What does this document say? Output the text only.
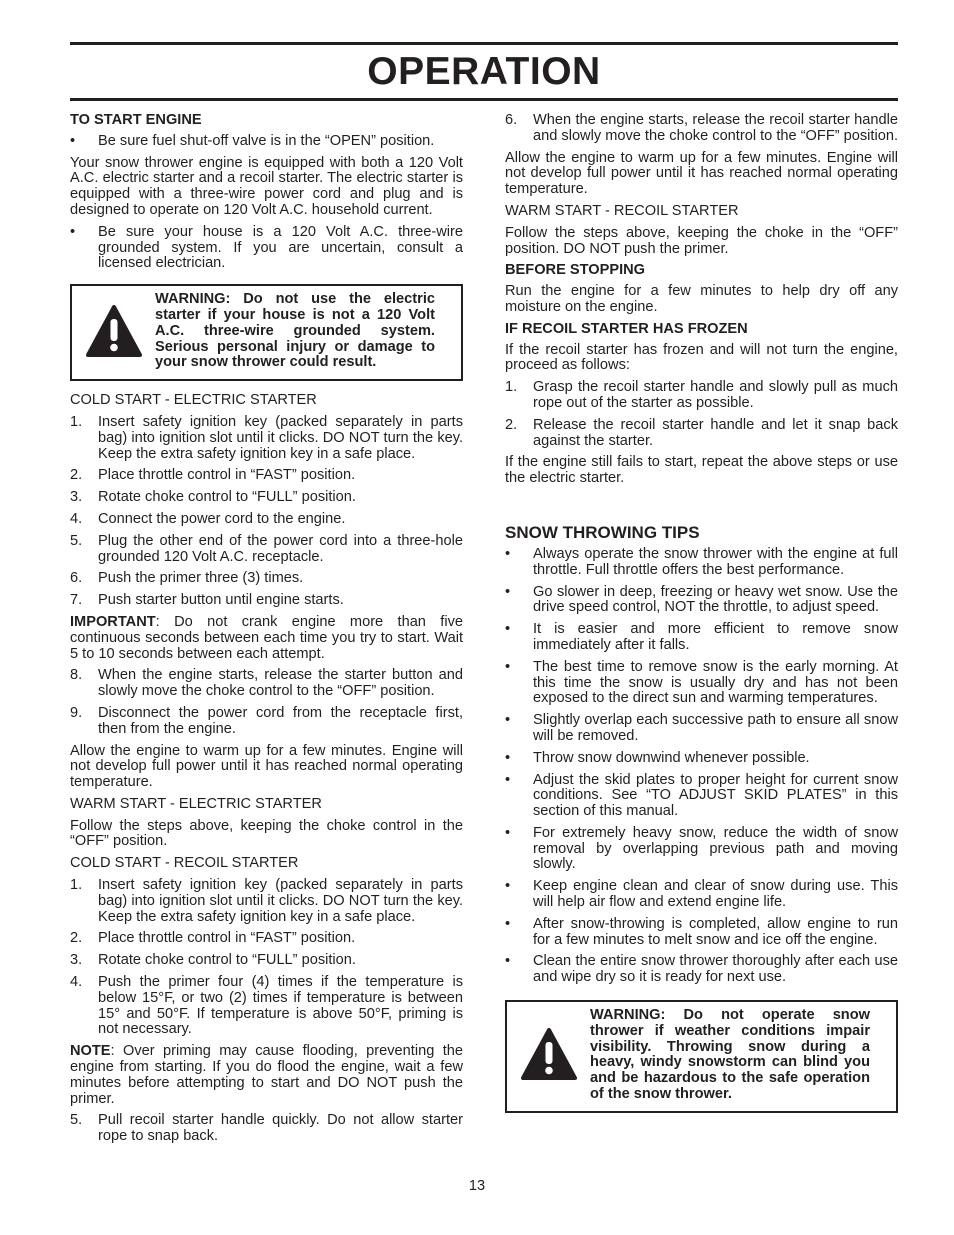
OPERATION
TO START ENGINE
• Be sure fuel shut-off valve is in the “OPEN” position.

Your snow thrower engine is equipped with both a 120 Volt A.C. electric starter and a recoil starter. The electric starter is equipped with a three-wire power cord and plug and is designed to operate on 120 Volt A.C. household current.

• Be sure your house is a 120 Volt A.C. three-wire grounded system. If you are uncertain, consult a licensed electrician.
WARNING: Do not use the electric starter if your house is not a 120 Volt A.C. three-wire grounded system. Serious personal injury or damage to your snow thrower could result.

COLD START - ELECTRIC STARTER

1. Insert safety ignition key (packed separately in parts bag) into ignition slot until it clicks. DO NOT turn the key. Keep the extra safety ignition key in a safe place.
2. Place throttle control in “FAST” position.
3. Rotate choke control to “FULL” position.
4. Connect the power cord to the engine.
5. Plug the other end of the power cord into a three-hole grounded 120 Volt A.C. receptacle.
6. Push the primer three (3) times.
7. Push starter button until engine starts.

IMPORTANT: Do not crank engine more than five continuous seconds between each time you try to start. Wait 5 to 10 seconds between each attempt.

8. When the engine starts, release the starter button and slowly move the choke control to the “OFF” position.
9. Disconnect the power cord from the receptacle first, then from the engine.

Allow the engine to warm up for a few minutes. Engine will not develop full power until it has reached normal operating temperature.

WARM START - ELECTRIC STARTER

Follow the steps above, keeping the choke control in the “OFF” position.

COLD START - RECOIL STARTER

1. Insert safety ignition key (packed separately in parts bag) into ignition slot until it clicks. DO NOT turn the key. Keep the extra safety ignition key in a safe place.
2. Place throttle control in “FAST” position.
3. Rotate choke control to “FULL” position.
4. Push the primer four (4) times if the temperature is below 15°F, or two (2) times if temperature is between 15° and 50°F. If temperature is above 50°F, priming is not necessary.

NOTE: Over priming may cause flooding, preventing the engine from starting. If you do flood the engine, wait a few minutes before attempting to start and DO NOT push the primer.

5. Pull recoil starter handle quickly. Do not allow starter rope to snap back.
6. When the engine starts, release the recoil starter handle and slowly move the choke control to the “OFF” position.

Allow the engine to warm up for a few minutes. Engine will not develop full power until it has reached normal operating temperature.

WARM START - RECOIL STARTER

Follow the steps above, keeping the choke in the “OFF” position. DO NOT push the primer.

BEFORE STOPPING

Run the engine for a few minutes to help dry off any moisture on the engine.

IF RECOIL STARTER HAS FROZEN

If the recoil starter has frozen and will not turn the engine, proceed as follows:

1. Grasp the recoil starter handle and slowly pull as much rope out of the starter as possible.
2. Release the recoil starter handle and let it snap back against the starter.

If the engine still fails to start, repeat the above steps or use the electric starter.

SNOW THROWING TIPS
• Always operate the snow thrower with the engine at full throttle. Full throttle offers the best performance.
• Go slower in deep, freezing or heavy wet snow. Use the drive speed control, NOT the throttle, to adjust speed.
• It is easier and more efficient to remove snow immediately after it falls.
• The best time to remove snow is the early morning. At this time the snow is usually dry and has not been exposed to the direct sun and warming temperatures.
• Slightly overlap each successive path to ensure all snow will be removed.
• Throw snow downwind whenever possible.
• Adjust the skid plates to proper height for current snow conditions. See “TO ADJUST SKID PLATES” in this section of this manual.
• For extremely heavy snow, reduce the width of snow removal by overlapping previous path and moving slowly.
• Keep engine clean and clear of snow during use. This will help air flow and extend engine life.
• After snow-throwing is completed, allow engine to run for a few minutes to melt snow and ice off the engine.
• Clean the entire snow thrower thoroughly after each use and wipe dry so it is ready for next use.
WARNING: Do not operate snow thrower if weather conditions impair visibility. Throwing snow during a heavy, windy snowstorm can blind you and be hazardous to the safe operation of the snow thrower.
13
